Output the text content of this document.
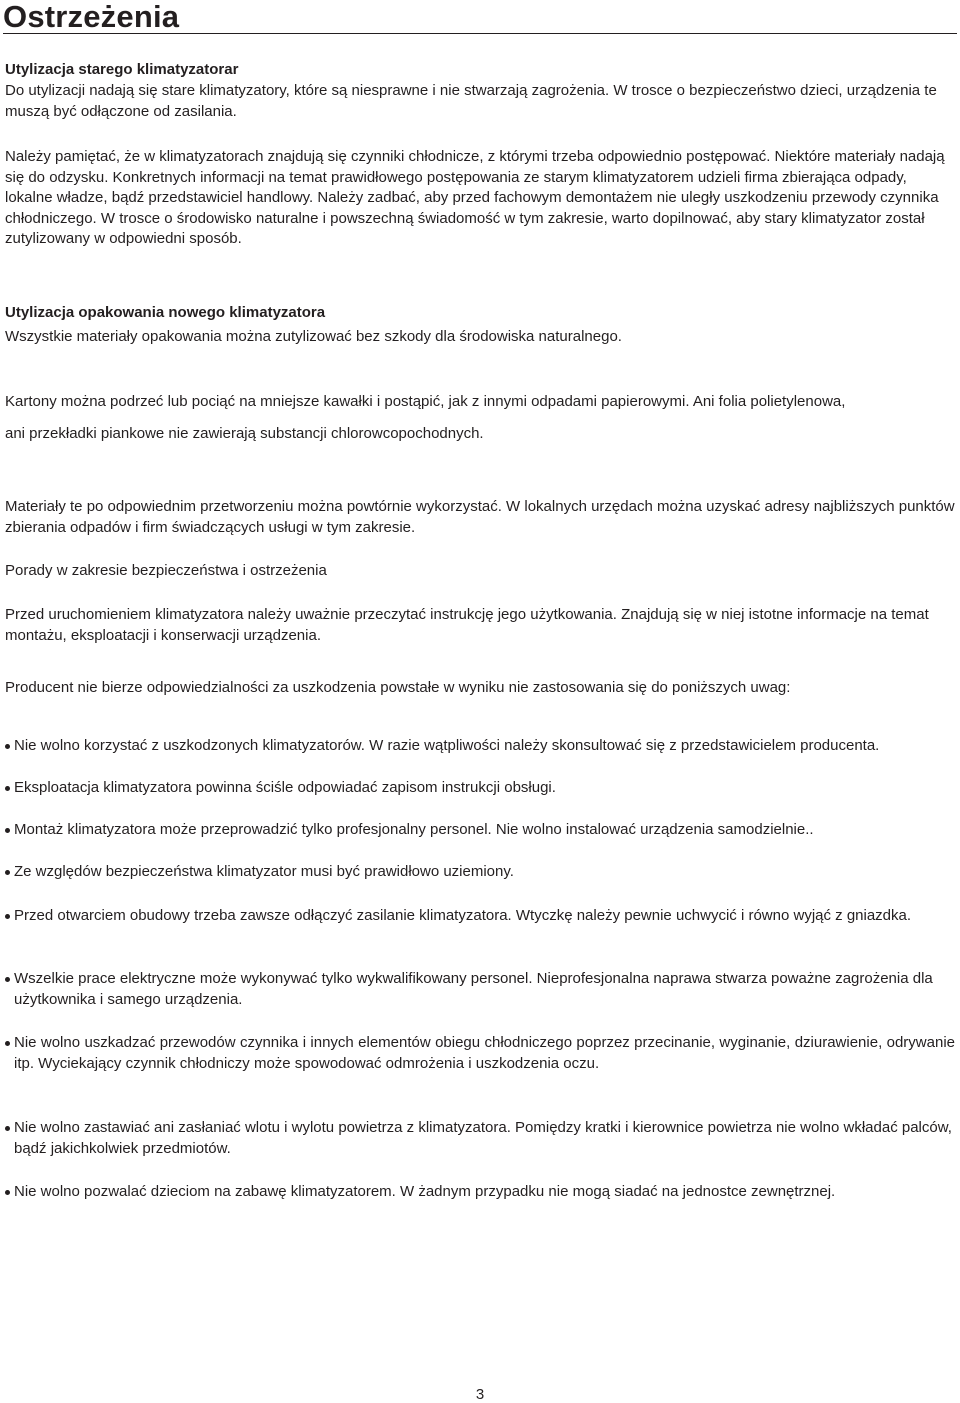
Ostrzeżenia

Utylizacja starego klimatyzatorar

Do utylizacji nadają się stare klimatyzatory, które są niesprawne i nie stwarzają zagrożenia. W trosce o bezpieczeństwo dzieci, urządzenia te muszą być odłączone od zasilania.

Należy pamiętać, że w klimatyzatorach znajdują się czynniki chłodnicze, z którymi trzeba odpowiednio postępować. Niektóre materiały nadają się do odzysku. Konkretnych informacji na temat prawidłowego postępowania ze starym klimatyzatorem udzieli firma zbierająca odpady, lokalne władze, bądź przedstawiciel handlowy. Należy zadbać, aby przed fachowym demontażem nie uległy uszkodzeniu przewody czynnika chłodniczego. W trosce o środowisko naturalne i powszechną świadomość w tym zakresie, warto dopilnować, aby stary klimatyzator został zutylizowany w odpowiedni sposób.

Utylizacja opakowania nowego klimatyzatora

Wszystkie materiały opakowania można zutylizować bez szkody dla środowiska naturalnego.

Kartony można podrzeć lub pociąć na mniejsze kawałki i postąpić, jak z innymi odpadami papierowymi. Ani folia polietylenowa,

ani przekładki piankowe nie zawierają substancji chlorowcopochodnych.

Materiały te po odpowiednim przetworzeniu można powtórnie wykorzystać. W lokalnych urzędach można uzyskać adresy najbliższych punktów zbierania odpadów i firm świadczących usługi w tym zakresie.

Porady w zakresie bezpieczeństwa i ostrzeżenia

Przed uruchomieniem klimatyzatora należy uważnie przeczytać instrukcję jego użytkowania. Znajdują się w niej istotne informacje na temat montażu, eksploatacji i konserwacji urządzenia.

Producent nie bierze odpowiedzialności za uszkodzenia powstałe w wyniku nie zastosowania się do poniższych uwag:

Nie wolno korzystać z uszkodzonych klimatyzatorów. W razie wątpliwości należy skonsultować się z przedstawicielem producenta.
Eksploatacja klimatyzatora powinna ściśle odpowiadać zapisom instrukcji obsługi.
Montaż klimatyzatora może przeprowadzić tylko profesjonalny personel. Nie wolno instalować urządzenia samodzielnie..
Ze względów bezpieczeństwa klimatyzator musi być prawidłowo uziemiony.
Przed otwarciem obudowy trzeba zawsze odłączyć zasilanie klimatyzatora. Wtyczkę należy pewnie uchwycić i równo wyjąć z gniazdka.
Wszelkie prace elektryczne może wykonywać tylko wykwalifikowany personel. Nieprofesjonalna naprawa stwarza poważne zagrożenia dla użytkownika i samego urządzenia.
Nie wolno uszkadzać przewodów czynnika i innych elementów obiegu chłodniczego poprzez przecinanie, wyginanie, dziurawienie, odrywanie itp. Wyciekający czynnik chłodniczy może spowodować odmrożenia i uszkodzenia oczu.
Nie wolno zastawiać ani zasłaniać wlotu i wylotu powietrza z klimatyzatora. Pomiędzy kratki i kierownice powietrza nie wolno wkładać palców, bądź jakichkolwiek przedmiotów.
Nie wolno pozwalać dzieciom na zabawę klimatyzatorem. W żadnym przypadku nie mogą siadać na jednostce zewnętrznej.
3
